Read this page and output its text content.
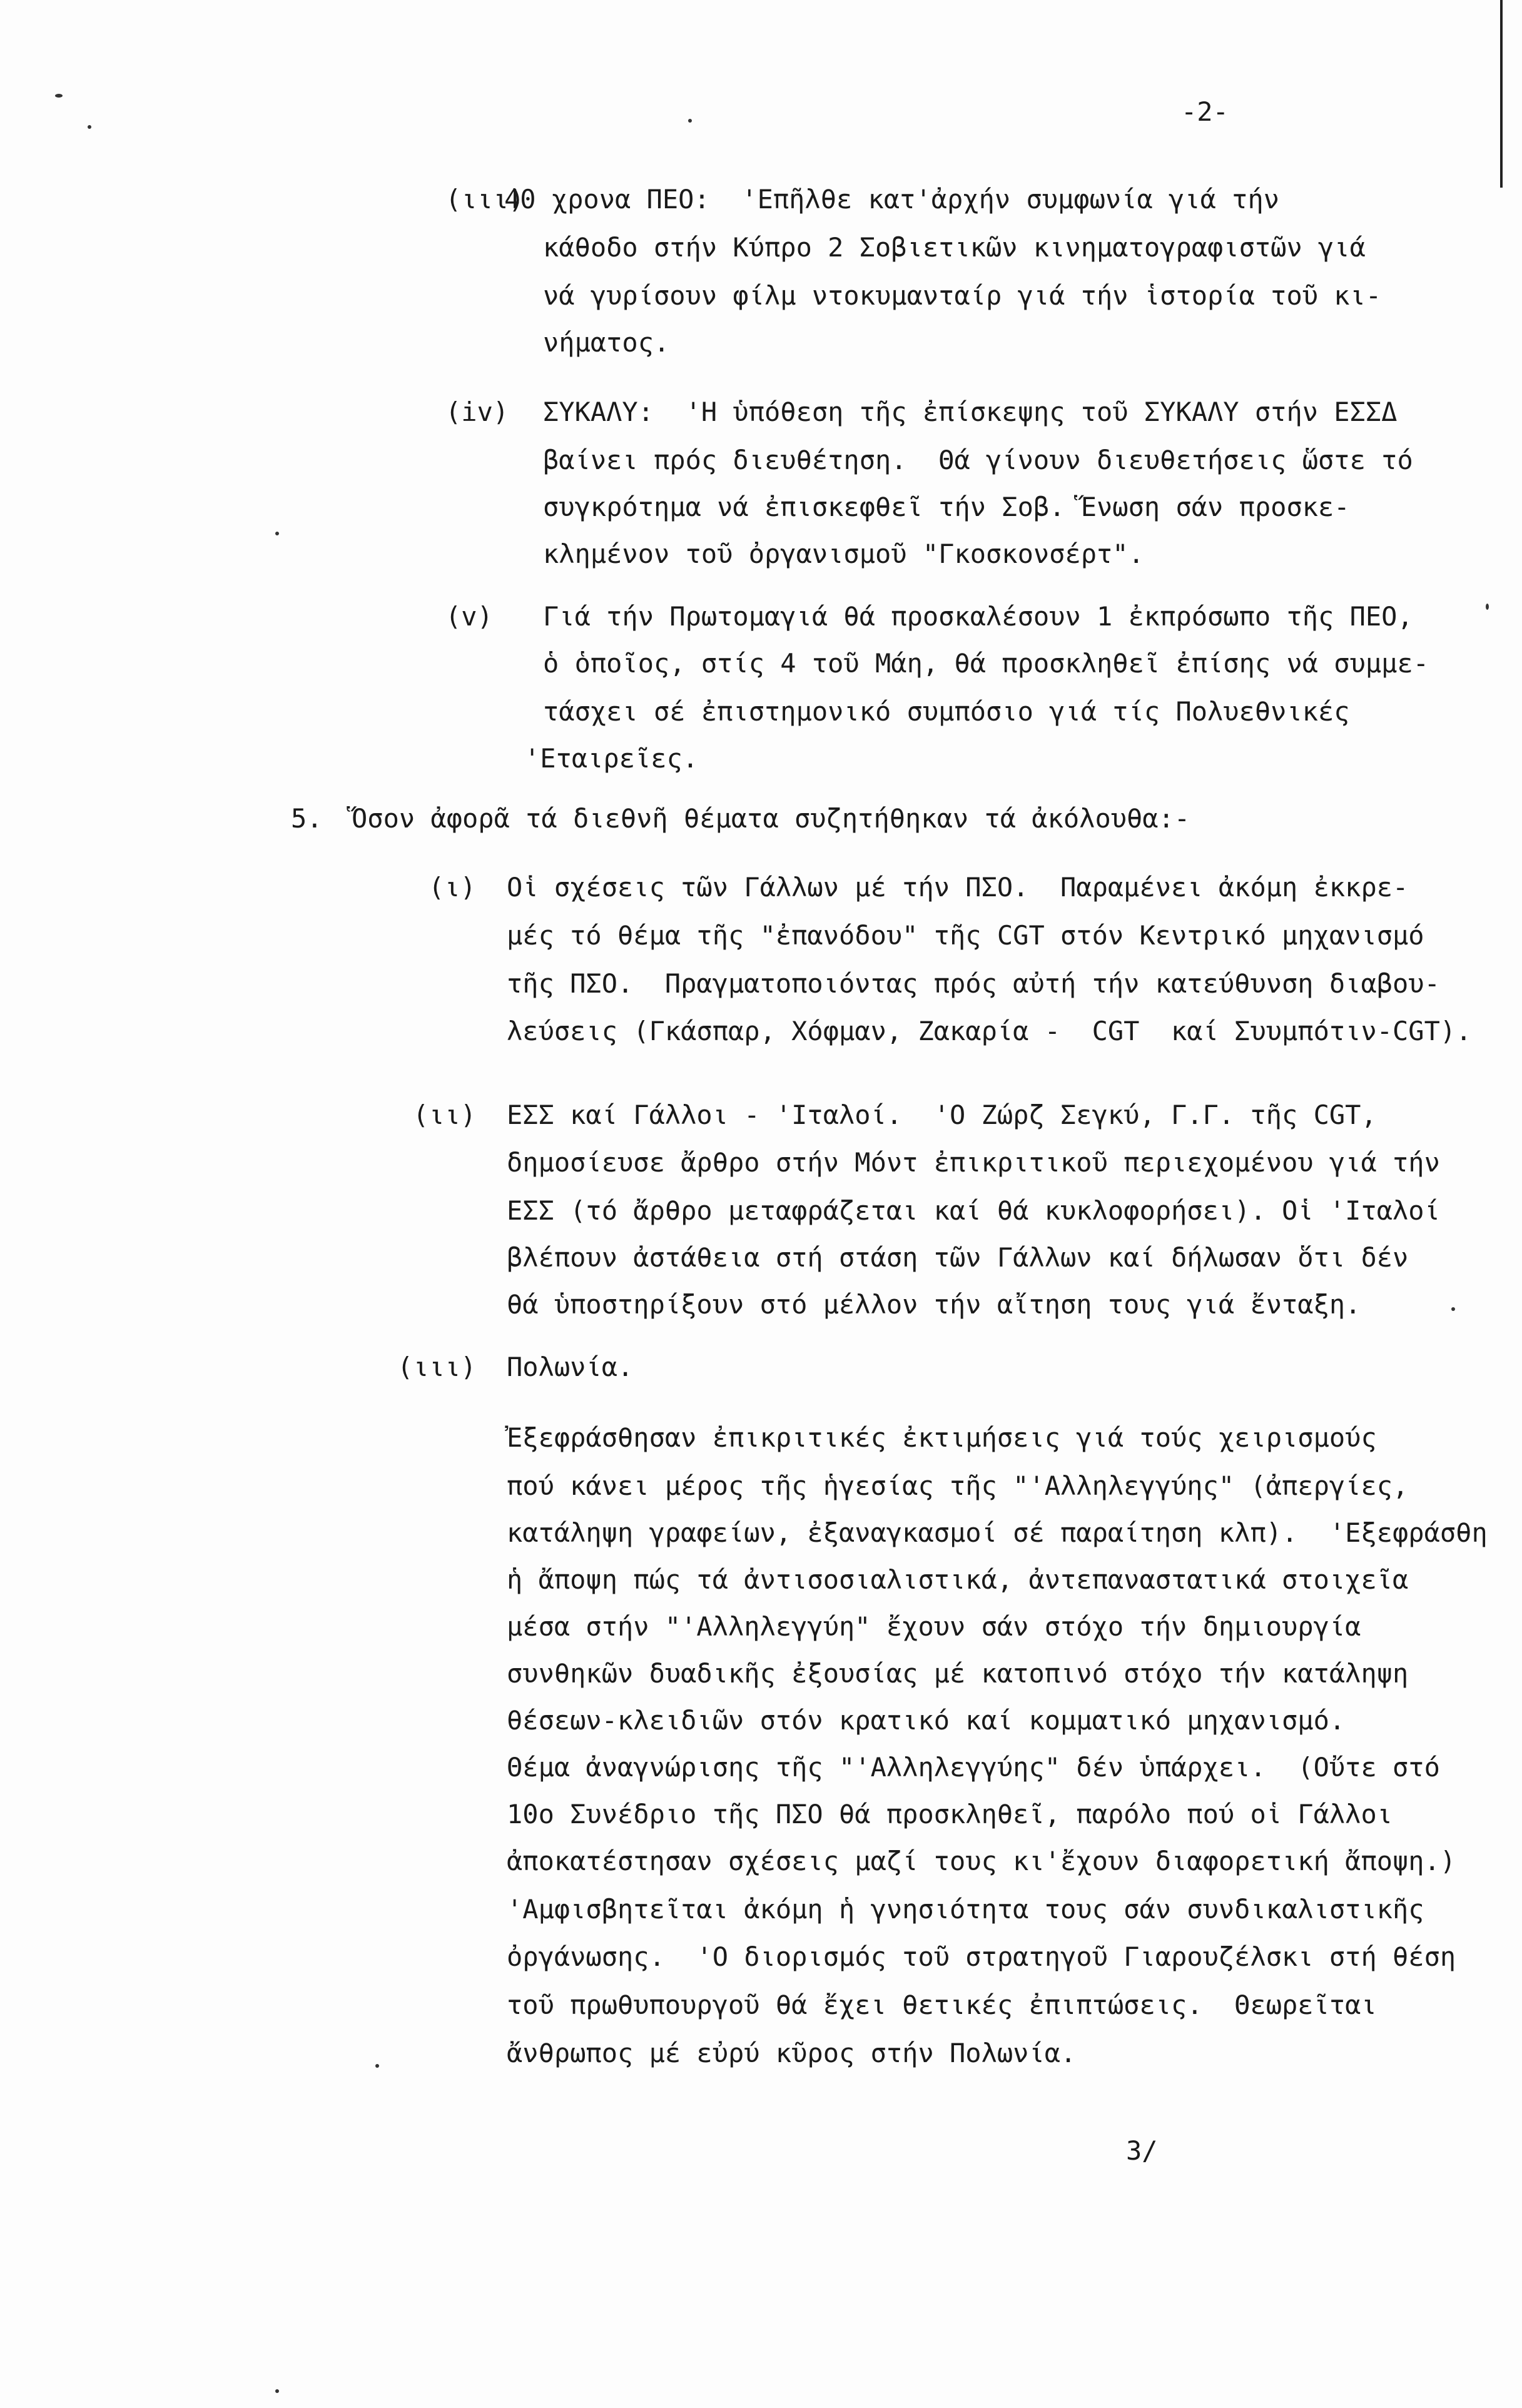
-2-
(ιιι)
40 χρονα ΠΕΟ:  'Επῆλθε κατ'ἀρχήν συμφωνία γιά τήν
κάθοδο στήν Κύπρο 2 Σοβιετικῶν κινηματογραφιστῶν γιά
νά γυρίσουν φίλμ ντοκυμανταίρ γιά τήν ἱστορία τοῦ κι-
νήματος.
(iv) ΣΥΚΑΛΥ:  'Η ὑπόθεση τῆς ἐπίσκεψης τοῦ ΣΥΚΑΛΥ στήν ΕΣΣΔ
βαίνει πρός διευθέτηση.  Θά γίνουν διευθετήσεις ὥστε τό
συγκρότημα νά ἐπισκεφθεῖ τήν Σοβ. Ἕνωση σάν προσκε-
κλημένον τοῦ ὀργανισμοῦ "Γκοσκονσέρτ".
(v) Γιά τήν Πρωτομαγιά θά προσκαλέσουν 1 ἐκπρόσωπο τῆς ΠΕΟ,
ὁ ὁποῖος, στίς 4 τοῦ Μάη, θά προσκληθεῖ ἐπίσης νά συμμε-
τάσχει σέ ἐπιστημονικό συμπόσιο γιά τίς Πολυεθνικές
'Εταιρεῖες.
5. Ὅσον ἀφορᾶ τά διεθνῆ θέματα συζητήθηκαν τά ἀκόλουθα:-
(ι) Οἱ σχέσεις τῶν Γάλλων μέ τήν ΠΣΟ.  Παραμένει ἀκόμη ἐκκρε-
μές τό θέμα τῆς "ἐπανόδου" τῆς CGT στόν Κεντρικό μηχανισμό
τῆς ΠΣΟ.  Πραγματοποιόντας πρός αὐτή τήν κατεύθυνση διαβου-
λεύσεις (Γκάσπαρ, Χόφμαν, Ζακαρία -  CGT  καί Συυμπότιν-CGT).
(ιι) ΕΣΣ καί Γάλλοι - 'Ιταλοί.  'Ο Ζώρζ Σεγκύ, Γ.Γ. τῆς CGT,
δημοσίευσε ἄρθρο στήν Μόντ ἐπικριτικοῦ περιεχομένου γιά τήν
ΕΣΣ (τό ἄρθρο μεταφράζεται καί θά κυκλοφορήσει). Οἱ 'Ιταλοί
βλέπουν ἀστάθεια στή στάση τῶν Γάλλων καί δήλωσαν ὅτι δέν
θά ὑποστηρίξουν στό μέλλον τήν αἴτηση τους γιά ἔνταξη.
(ιιι) Πολωνία.
Ἐξεφράσθησαν ἐπικριτικές ἐκτιμήσεις γιά τούς χειρισμούς
πού κάνει μέρος τῆς ἡγεσίας τῆς "'Αλληλεγγύης" (ἀπεργίες,
κατάληψη γραφείων, ἐξαναγκασμοί σέ παραίτηση κλπ).  'Εξεφράσθη
ἡ ἄποψη πώς τά ἀντισοσιαλιστικά, ἀντεπαναστατικά στοιχεῖα
μέσα στήν "'Αλληλεγγύη" ἔχουν σάν στόχο τήν δημιουργία
συνθηκῶν δυαδικῆς ἐξουσίας μέ κατοπινό στόχο τήν κατάληψη
θέσεων-κλειδιῶν στόν κρατικό καί κομματικό μηχανισμό.
Θέμα ἀναγνώρισης τῆς "'Αλληλεγγύης" δέν ὑπάρχει.  (Οὔτε στό
10ο Συνέδριο τῆς ΠΣΟ θά προσκληθεῖ, παρόλο πού οἱ Γάλλοι
ἀποκατέστησαν σχέσεις μαζί τους κι'ἔχουν διαφορετική ἄποψη.)
'Αμφισβητεῖται ἀκόμη ἡ γνησιότητα τους σάν συνδικαλιστικῆς
ὀργάνωσης.  'Ο διορισμός τοῦ στρατηγοῦ Γιαρουζέλσκι στή θέση
τοῦ πρωθυπουργοῦ θά ἔχει θετικές ἐπιπτώσεις.  Θεωρεῖται
ἄνθρωπος μέ εὐρύ κῦρος στήν Πολωνία.
3/
